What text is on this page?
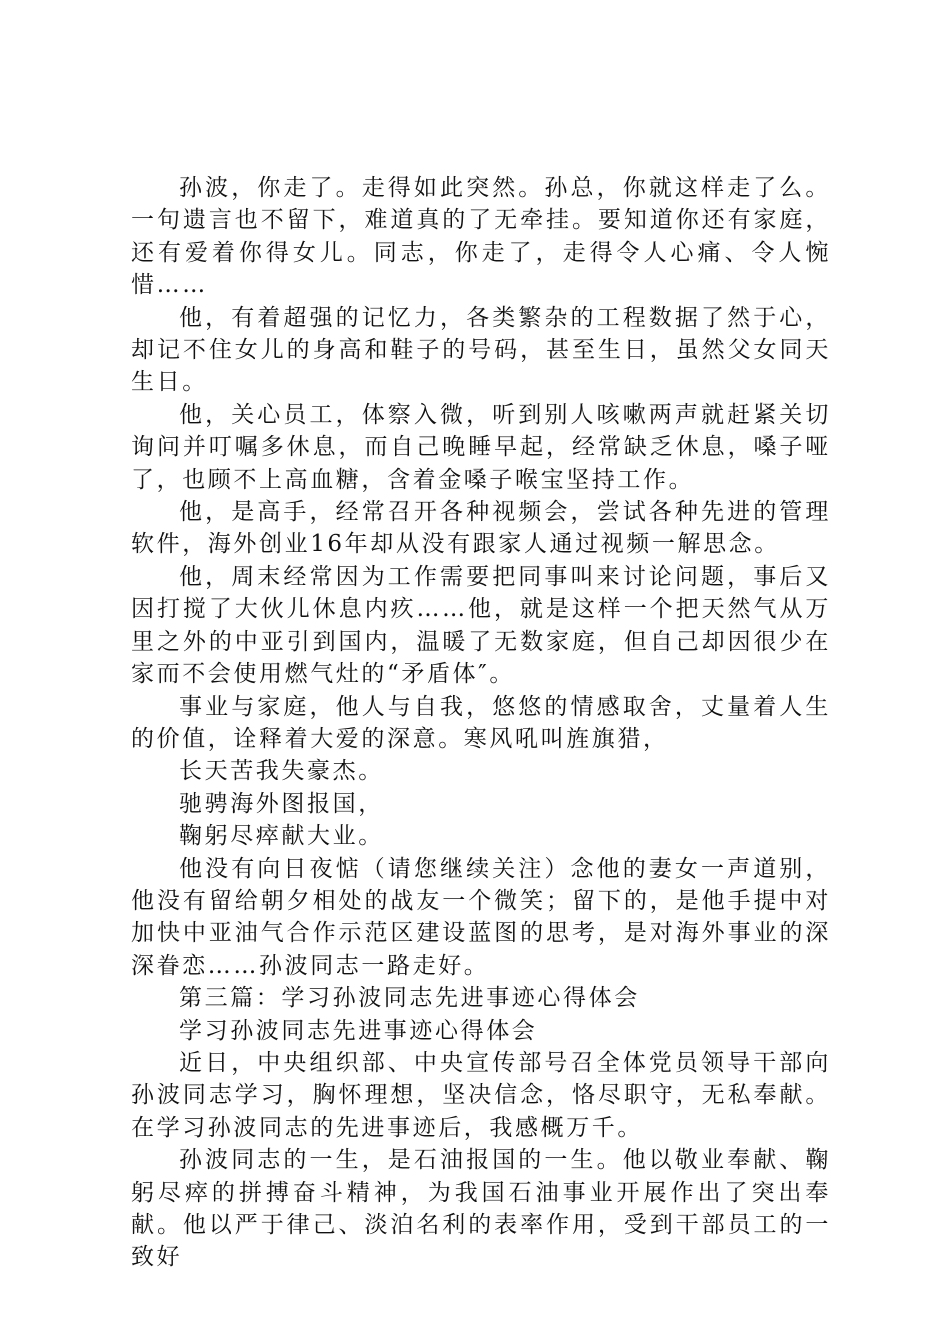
孙波，你走了。走得如此突然。孙总，你就这样走了么。一句遗言也不留下，难道真的了无牵挂。要知道你还有家庭，还有爱着你得女儿。同志，你走了，走得令人心痛、令人惋惜……

他，有着超强的记忆力，各类繁杂的工程数据了然于心，却记不住女儿的身高和鞋子的号码，甚至生日，虽然父女同天生日。

他，关心员工，体察入微，听到别人咳嗽两声就赶紧关切询问并叮嘱多休息，而自己晚睡早起，经常缺乏休息，嗓子哑了，也顾不上高血糖，含着金嗓子喉宝坚持工作。

他，是高手，经常召开各种视频会，尝试各种先进的管理软件，海外创业16年却从没有跟家人通过视频一解思念。

他，周末经常因为工作需要把同事叫来讨论问题，事后又因打搅了大伙儿休息内疚……他，就是这样一个把天然气从万里之外的中亚引到国内，温暖了无数家庭，但自己却因很少在家而不会使用燃气灶的“矛盾体″。

事业与家庭，他人与自我，悠悠的情感取舍，丈量着人生的价值，诠释着大爱的深意。寒风吼叫旌旗猎，

长天苦我失豪杰。

驰骋海外图报国，

鞠躬尽瘁献大业。

他没有向日夜惦（请您继续关注）念他的妻女一声道别，他没有留给朝夕相处的战友一个微笑；留下的，是他手提中对加快中亚油气合作示范区建设蓝图的思考，是对海外事业的深深眷恋……孙波同志一路走好。

第三篇：学习孙波同志先进事迹心得体会

学习孙波同志先进事迹心得体会

近日，中央组织部、中央宣传部号召全体党员领导干部向孙波同志学习，胸怀理想，坚决信念，恪尽职守，无私奉献。在学习孙波同志的先进事迹后，我感概万千。

孙波同志的一生，是石油报国的一生。他以敬业奉献、鞠躬尽瘁的拼搏奋斗精神，为我国石油事业开展作出了突出奉献。他以严于律己、淡泊名利的表率作用，受到干部员工的一致好
